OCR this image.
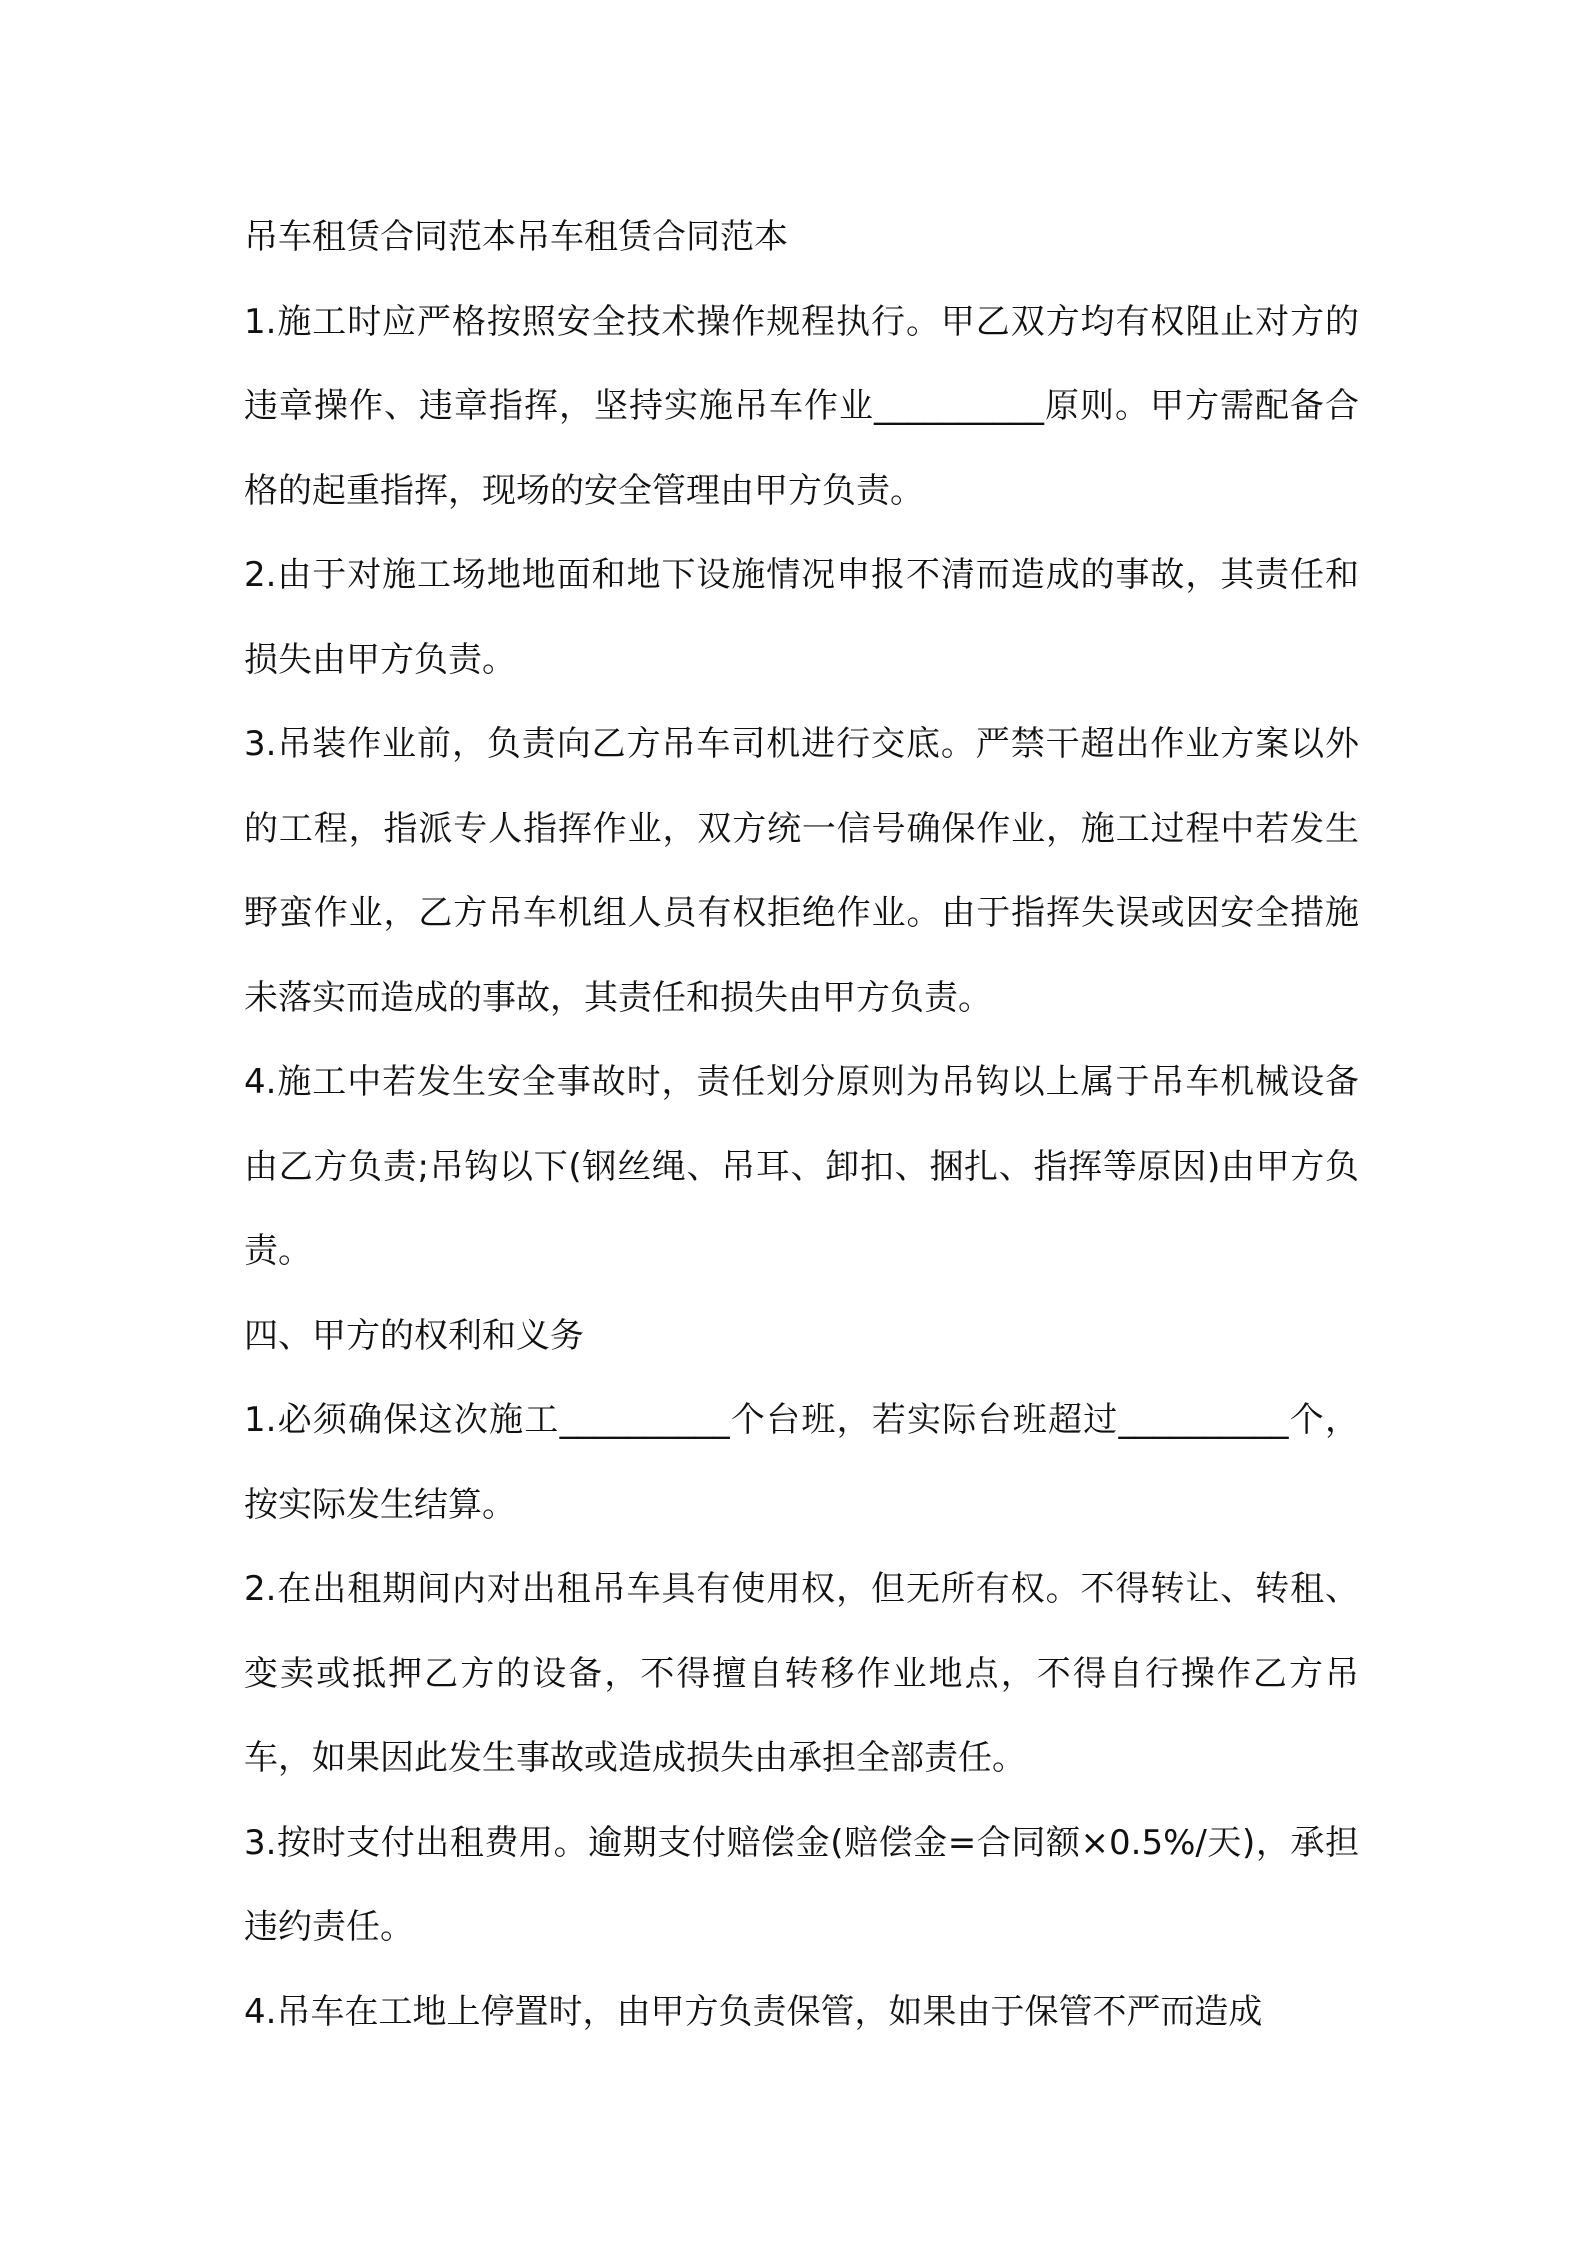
吊车租赁合同范本吊车租赁合同范本

1.施工时应严格按照安全技术操作规程执行。甲乙双方均有权阻止对方的违章操作、违章指挥，坚持实施吊车作业__________原则。甲方需配备合格的起重指挥，现场的安全管理由甲方负责。

2.由于对施工场地地面和地下设施情况申报不清而造成的事故，其责任和损失由甲方负责。

3.吊装作业前，负责向乙方吊车司机进行交底。严禁干超出作业方案以外的工程，指派专人指挥作业，双方统一信号确保作业，施工过程中若发生野蛮作业，乙方吊车机组人员有权拒绝作业。由于指挥失误或因安全措施未落实而造成的事故，其责任和损失由甲方负责。

4.施工中若发生安全事故时，责任划分原则为吊钩以上属于吊车机械设备由乙方负责;吊钩以下(钢丝绳、吊耳、卸扣、捆扎、指挥等原因)由甲方负责。

四、甲方的权利和义务

1.必须确保这次施工__________个台班，若实际台班超过__________个，按实际发生结算。

2.在出租期间内对出租吊车具有使用权，但无所有权。不得转让、转租、变卖或抵押乙方的设备，不得擅自转移作业地点，不得自行操作乙方吊车，如果因此发生事故或造成损失由承担全部责任。

3.按时支付出租费用。逾期支付赔偿金(赔偿金=合同额×0.5%/天)，承担违约责任。

4.吊车在工地上停置时，由甲方负责保管，如果由于保管不严而造成
